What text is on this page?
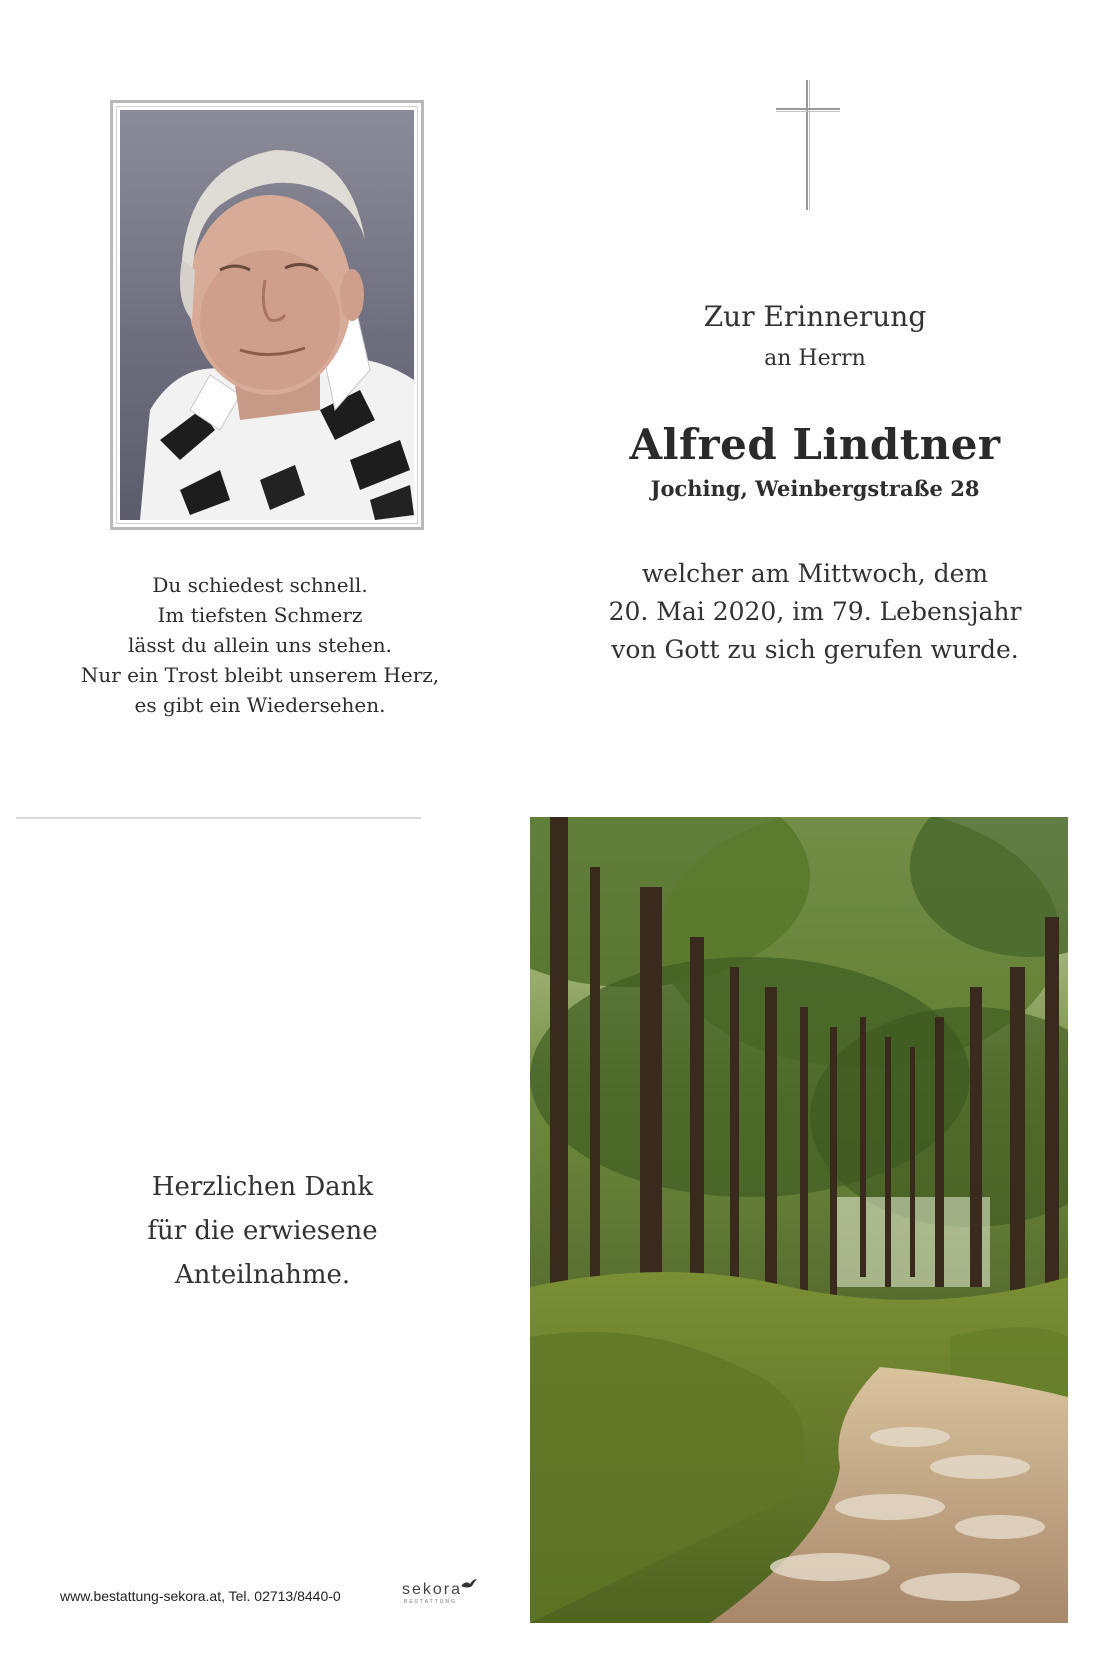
Du schiedest schnell.
Im tiefsten Schmerz
lässt du allein uns stehen.
Nur ein Trost bleibt unserem Herz,
es gibt ein Wiedersehen.
Zur Erinnerung
an Herrn
Alfred Lindtner
Joching, Weinbergstraße 28
welcher am Mittwoch, dem
20. Mai 2020, im 79. Lebensjahr
von Gott zu sich gerufen wurde.
Herzlichen Dank
für die erwiesene
Anteilnahme.
www.bestattung-sekora.at, Tel. 02713/8440-0	sekora
BESTATTUNG
